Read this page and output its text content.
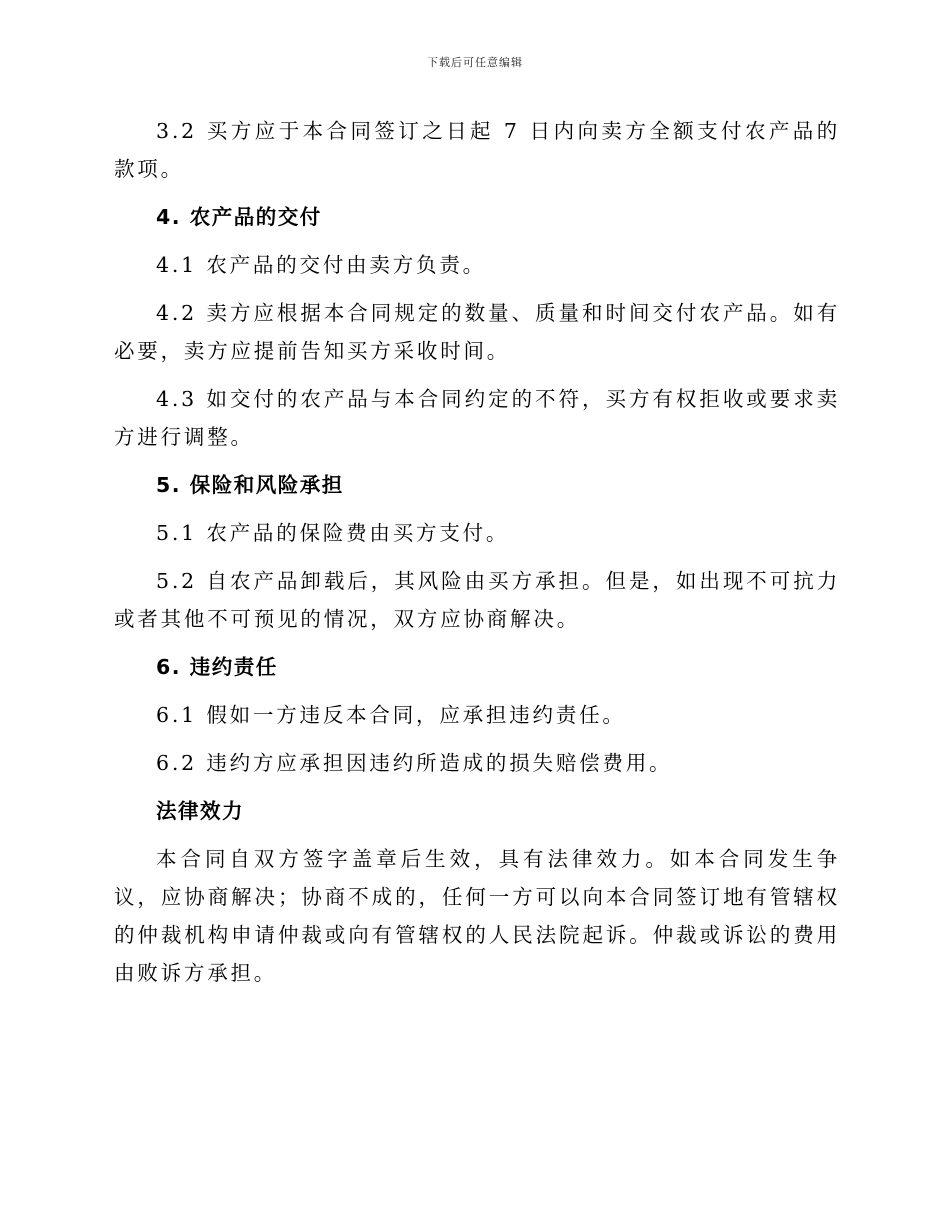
下载后可任意编辑

3.2 买方应于本合同签订之日起 7 日内向卖方全额支付农产品的款项。

4. 农产品的交付

4.1 农产品的交付由卖方负责。

4.2 卖方应根据本合同规定的数量、质量和时间交付农产品。如有必要，卖方应提前告知买方采收时间。

4.3 如交付的农产品与本合同约定的不符，买方有权拒收或要求卖方进行调整。

5. 保险和风险承担

5.1 农产品的保险费由买方支付。

5.2 自农产品卸载后，其风险由买方承担。但是，如出现不可抗力或者其他不可预见的情况，双方应协商解决。

6. 违约责任

6.1 假如一方违反本合同，应承担违约责任。

6.2 违约方应承担因违约所造成的损失赔偿费用。

法律效力

本合同自双方签字盖章后生效，具有法律效力。如本合同发生争议，应协商解决；协商不成的，任何一方可以向本合同签订地有管辖权的仲裁机构申请仲裁或向有管辖权的人民法院起诉。仲裁或诉讼的费用由败诉方承担。
